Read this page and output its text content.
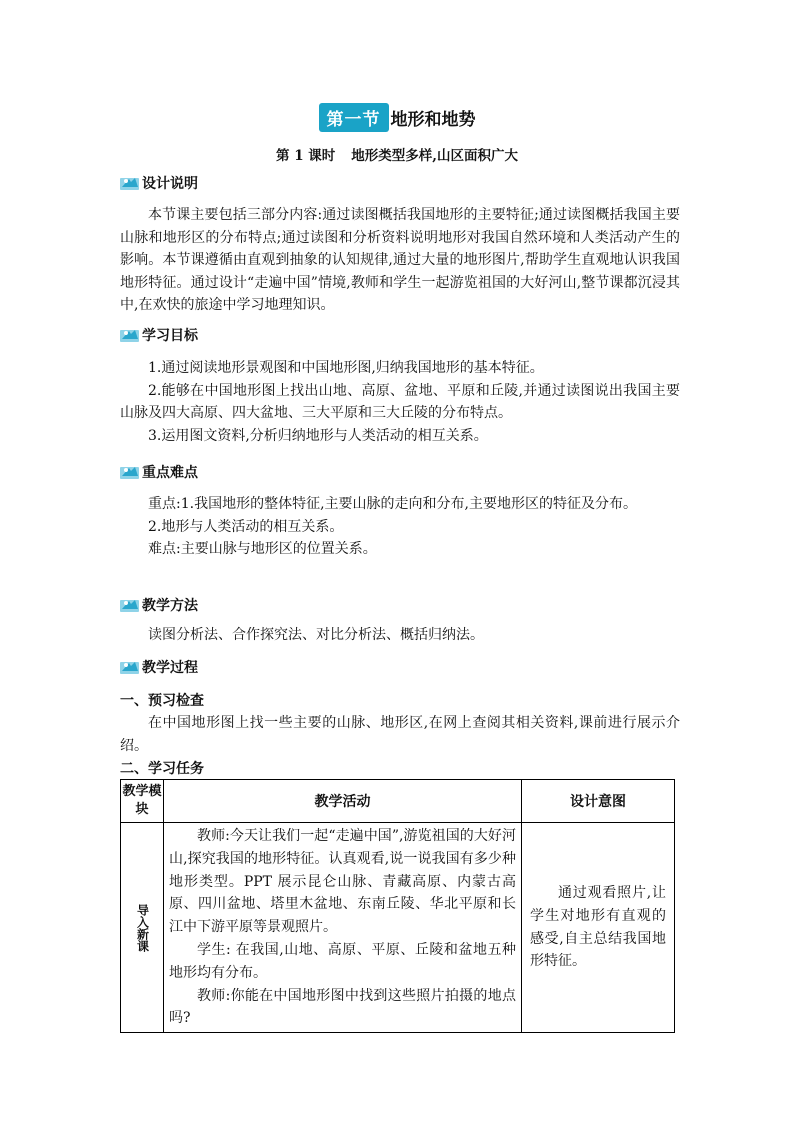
第一节 地形和地势
第 1 课时 地形类型多样,山区面积广大
设计说明
本节课主要包括三部分内容:通过读图概括我国地形的主要特征;通过读图概括我国主要山脉和地形区的分布特点;通过读图和分析资料说明地形对我国自然环境和人类活动产生的影响。本节课遵循由直观到抽象的认知规律,通过大量的地形图片,帮助学生直观地认识我国地形特征。通过设计“走遍中国”情境,教师和学生一起游览祖国的大好河山,整节课都沉浸其中,在欢快的旅途中学习地理知识。
学习目标
1.通过阅读地形景观图和中国地形图,归纳我国地形的基本特征。
2.能够在中国地形图上找出山地、高原、盆地、平原和丘陵,并通过读图说出我国主要山脉及四大高原、四大盆地、三大平原和三大丘陵的分布特点。
3.运用图文资料,分析归纳地形与人类活动的相互关系。
重点难点
重点:1.我国地形的整体特征,主要山脉的走向和分布,主要地形区的特征及分布。
2.地形与人类活动的相互关系。
难点:主要山脉与地形区的位置关系。
教学方法
读图分析法、合作探究法、对比分析法、概括归纳法。
教学过程
一、预习检查
在中国地形图上找一些主要的山脉、地形区,在网上查阅其相关资料,课前进行展示介绍。
二、学习任务
教学模块	教学活动	设计意图

导入新课	教师:今天让我们一起“走遍中国”,游览祖国的大好河山,探究我国的地形特征。认真观看,说一说我国有多少种地形类型。PPT 展示昆仑山脉、青藏高原、内蒙古高原、四川盆地、塔里木盆地、东南丘陵、华北平原和长江中下游平原等景观照片。

学生: 在我国,山地、高原、平原、丘陵和盆地五种地形均有分布。

教师:你能在中国地形图中找到这些照片拍摄的地点吗?	通过观看照片,让学生对地形有直观的感受,自主总结我国地形特征。
